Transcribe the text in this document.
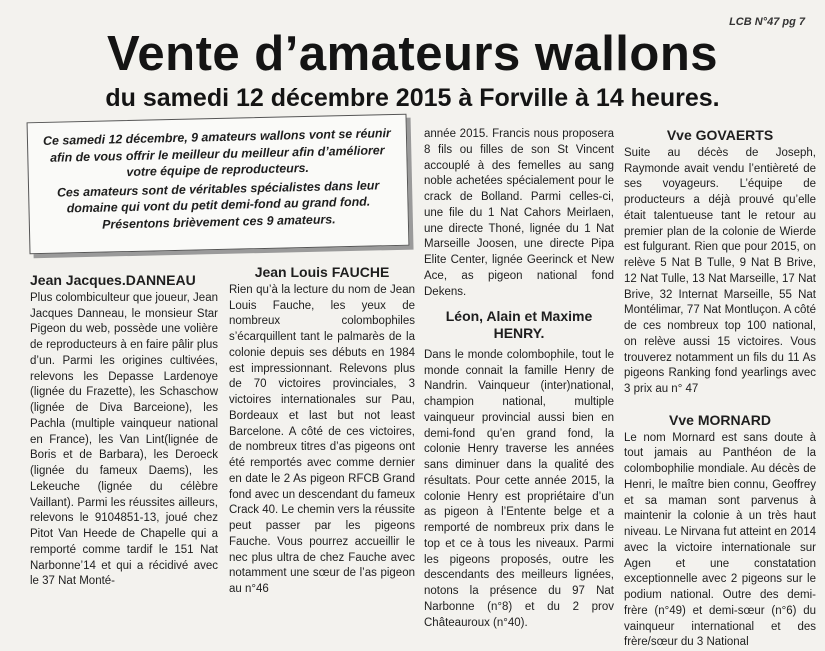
LCB N°47 pg 7
Vente d’amateurs wallons
du samedi 12 décembre 2015 à Forville à 14 heures.

Ce samedi 12 décembre, 9 amateurs wallons vont se réunir afin de vous offrir le meilleur du meilleur afin d’améliorer votre équipe de reproducteurs.

Ces amateurs sont de véritables spécialistes dans leur domaine qui vont du petit demi-fond au grand fond. Présentons brièvement ces 9 amateurs.

Jean Jacques.DANNEAU

Plus colombiculteur que joueur, Jean Jacques Danneau, le monsieur Star Pigeon du web, possède une volière de reproducteurs à en faire pâlir plus d’un. Parmi les origines cultivées, relevons les Depasse Lardenoye (lignée du Frazette), les Schaschow (lignée de Diva Barceione), les Pachla (multiple vainqueur national en France), les Van Lint(lignée de Boris et de Barbara), les Deroeck (lignée du fameux Daems), les Lekeuche (lignée du célèbre Vaillant). Parmi les réussites ailleurs, relevons le 9104851-13, joué chez Pitot Van Heede de Chapelle qui a remporté comme tardif le 151 Nat Narbonne’14 et qui a récidivé avec le 37 Nat Monté-

Jean Louis FAUCHE

Rien qu’à la lecture du nom de Jean Louis Fauche, les yeux de nombreux colombophiles s’écarquillent tant le palmarès de la colonie depuis ses débuts en 1984 est impressionnant. Relevons plus de 70 victoires provinciales, 3 victoires internationales sur Pau, Bordeaux et last but not least Barcelone. A côté de ces victoires, de nombreux titres d’as pigeons ont été remportés avec comme dernier en date le 2 As pigeon RFCB Grand fond avec un descendant du fameux Crack 40. Le chemin vers la réussite peut passer par les pigeons Fauche. Vous pourrez accueillir le nec plus ultra de chez Fauche avec notamment une sœur de l’as pigeon au n°46

année 2015. Francis nous proposera 8 fils ou filles de son St Vincent accouplé à des femelles au sang noble achetées spécialement pour le crack de Bolland. Parmi celles-ci, une file du 1 Nat Cahors Meirlaen, une directe Thoné, lignée du 1 Nat Marseille Joosen, une directe Pipa Elite Center, lignée Geerinck et New Ace, as pigeon national fond Dekens.

Léon, Alain et Maxime HENRY.

Dans le monde colombophile, tout le monde connait la famille Henry de Nandrin. Vainqueur (inter)national, champion national, multiple vainqueur provincial aussi bien en demi-fond qu’en grand fond, la colonie Henry traverse les années sans diminuer dans la qualité des résultats. Pour cette année 2015, la colonie Henry est propriétaire d’un as pigeon à l’Entente belge et a remporté de nombreux prix dans le top et ce à tous les niveaux. Parmi les pigeons proposés, outre les descendants des meilleurs lignées, notons la présence du 97 Nat Narbonne (n°8) et du 2 prov Châteauroux (n°40).

Vve GOVAERTS

Suite au décès de Joseph, Raymonde avait vendu l’entièreté de ses voyageurs. L’équipe de producteurs a déjà prouvé qu’elle était talentueuse tant le retour au premier plan de la colonie de Wierde est fulgurant. Rien que pour 2015, on relève 5 Nat B Tulle, 9 Nat B Brive, 12 Nat Tulle, 13 Nat Marseille, 17 Nat Brive, 32 Internat Marseille, 55 Nat Montélimar, 77 Nat Montluçon. A côté de ces nombreux top 100 national, on relève aussi 15 victoires. Vous trouverez notamment un fils du 11 As pigeons Ranking fond yearlings avec 3 prix au n° 47

Vve MORNARD

Le nom Mornard est sans doute à tout jamais au Panthéon de la colombophilie mondiale. Au décès de Henri, le maître bien connu, Geoffrey et sa maman sont parvenus à maintenir la colonie à un très haut niveau. Le Nirvana fut atteint en 2014 avec la victoire internationale sur Agen et une constatation exceptionnelle avec 2 pigeons sur le podium national. Outre des demi-frère (n°49) et demi-sœur (n°6) du vainqueur international et des frère/sœur du 3 National
